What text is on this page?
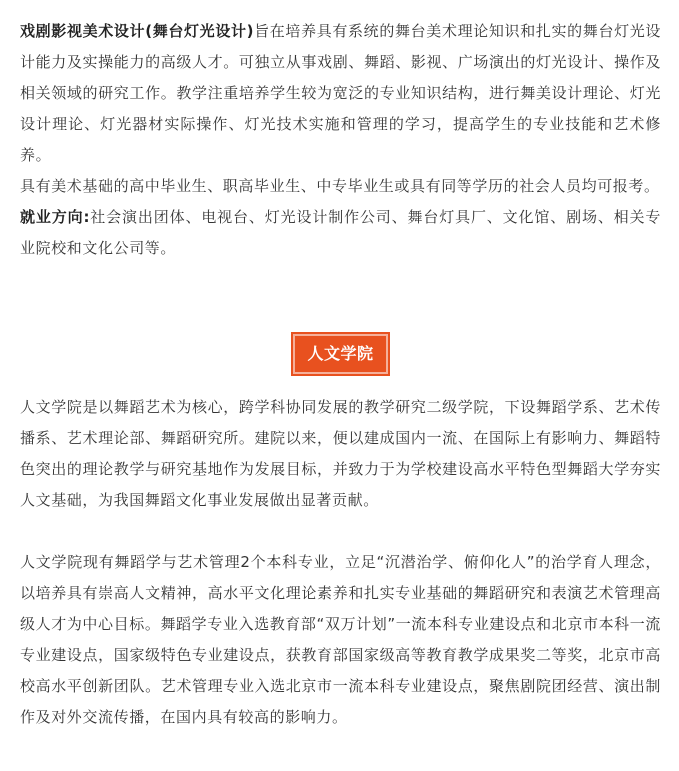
戏剧影视美术设计(舞台灯光设计)旨在培养具有系统的舞台美术理论知识和扎实的舞台灯光设计能力及实操能力的高级人才。可独立从事戏剧、舞蹈、影视、广场演出的灯光设计、操作及相关领域的研究工作。教学注重培养学生较为宽泛的专业知识结构，进行舞美设计理论、灯光设计理论、灯光器材实际操作、灯光技术实施和管理的学习，提高学生的专业技能和艺术修养。

具有美术基础的高中毕业生、职高毕业生、中专毕业生或具有同等学历的社会人员均可报考。

就业方向:社会演出团体、电视台、灯光设计制作公司、舞台灯具厂、文化馆、剧场、相关专业院校和文化公司等。

人文学院

人文学院是以舞蹈艺术为核心，跨学科协同发展的教学研究二级学院，下设舞蹈学系、艺术传播系、艺术理论部、舞蹈研究所。建院以来，便以建成国内一流、在国际上有影响力、舞蹈特色突出的理论教学与研究基地作为发展目标，并致力于为学校建设高水平特色型舞蹈大学夯实人文基础，为我国舞蹈文化事业发展做出显著贡献。

人文学院现有舞蹈学与艺术管理2个本科专业，立足“沉潜治学、俯仰化人”的治学育人理念，以培养具有崇高人文精神，高水平文化理论素养和扎实专业基础的舞蹈研究和表演艺术管理高级人才为中心目标。舞蹈学专业入选教育部“双万计划”一流本科专业建设点和北京市本科一流专业建设点，国家级特色专业建设点，获教育部国家级高等教育教学成果奖二等奖，北京市高校高水平创新团队。艺术管理专业入选北京市一流本科专业建设点，聚焦剧院团经营、演出制作及对外交流传播，在国内具有较高的影响力。
